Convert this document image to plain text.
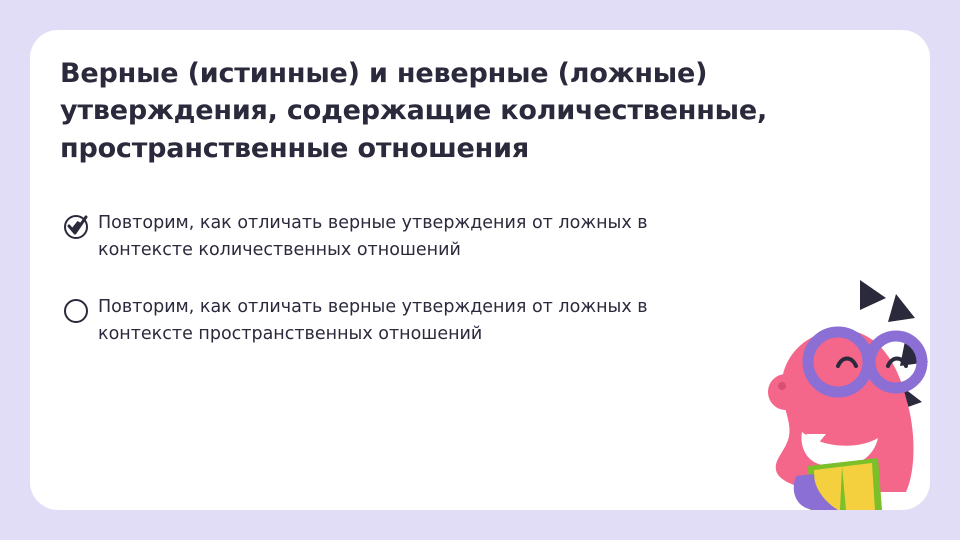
Верные (истинные) и неверные (ложные) утверждения, содержащие количественные, пространственные отношения
Повторим, как отличать верные утверждения от ложных в контексте количественных отношений
Повторим, как отличать верные утверждения от ложных в контексте пространственных отношений
